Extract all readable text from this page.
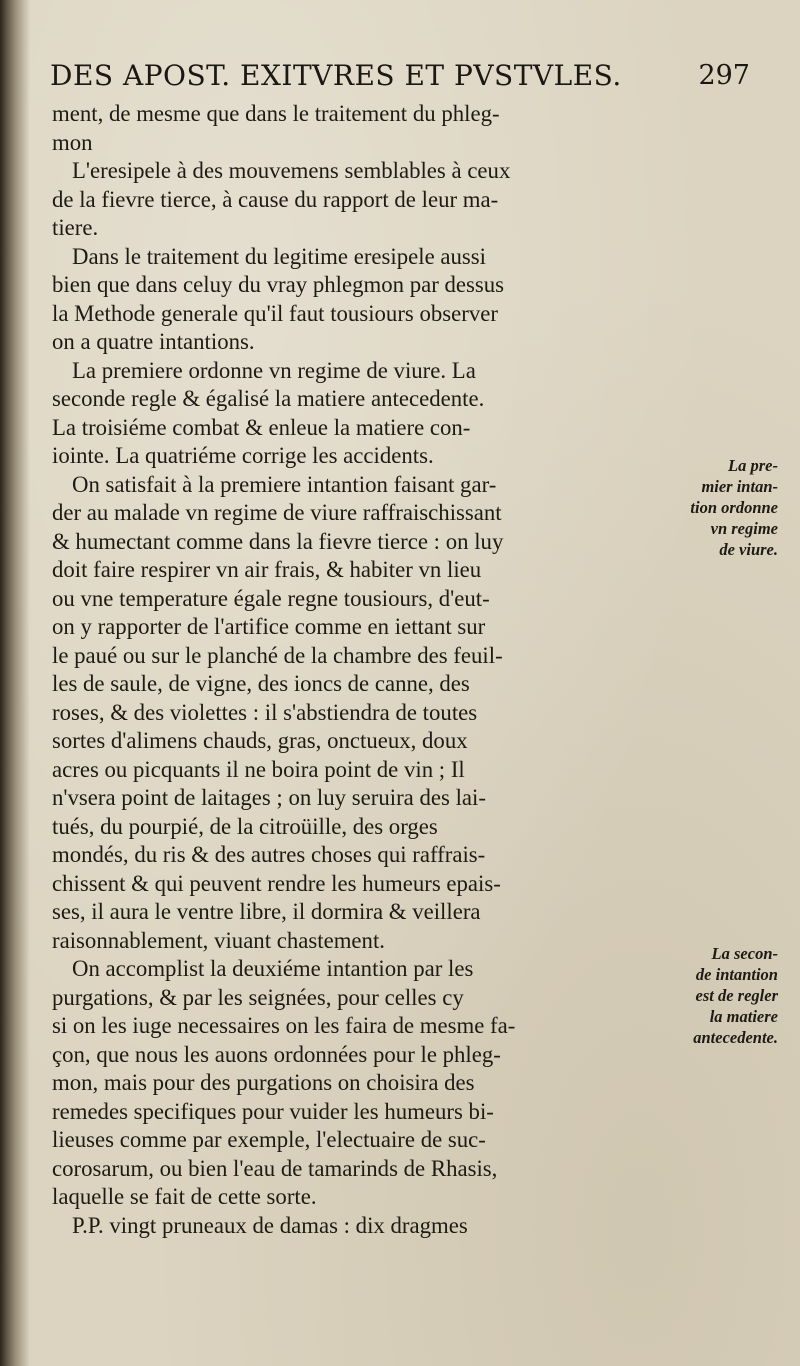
DES APOST. EXITVRES ET PVSTVLES.	297
ment, de mesme que dans le traitement du phleg-
mon
L'eresipele à des mouvemens semblables à ceux
de la fievre tierce, à cause du rapport de leur ma-
tiere.
Dans le traitement du legitime eresipele aussi
bien que dans celuy du vray phlegmon par dessus
la Methode generale qu'il faut tousiours observer
on a quatre intantions.
La premiere ordonne vn regime de viure. La
seconde regle & égalisé la matiere antecedente.
La troisiéme combat & enleue la matiere con-
iointe. La quatriéme corrige les accidents.
On satisfait à la premiere intantion faisant gar-
der au malade vn regime de viure raffraischissant
& humectant comme dans la fievre tierce : on luy
doit faire respirer vn air frais, & habiter vn lieu
ou vne temperature égale regne tousiours, d'eut-
on y rapporter de l'artifice comme en iettant sur
le paué ou sur le planché de la chambre des feuil-
les de saule, de vigne, des ioncs de canne, des
roses, & des violettes : il s'abstiendra de toutes
sortes d'alimens chauds, gras, onctueux, doux
acres ou picquants il ne boira point de vin ; Il
n'vsera point de laitages ; on luy seruira des lai-
tués, du pourpié, de la citroüille, des orges
mondés, du ris & des autres choses qui raffrais-
chissent & qui peuvent rendre les humeurs epais-
ses, il aura le ventre libre, il dormira & veillera
raisonnablement, viuant chastement.
On accomplist la deuxiéme intantion par les
purgations, & par les seignées, pour celles cy
si on les iuge necessaires on les faira de mesme fa-
çon, que nous les auons ordonnées pour le phleg-
mon, mais pour des purgations on choisira des
remedes specifiques pour vuider les humeurs bi-
lieuses comme par exemple, l'electuaire de suc-
corosarum, ou bien l'eau de tamarinds de Rhasis,
laquelle se fait de cette sorte.
P.P. vingt pruneaux de damas : dix dragmes
La pre-
mier intan-
tion ordonne
vn regime
de viure.
La secon-
de intantion
est de regler
la matiere
antecedente.
